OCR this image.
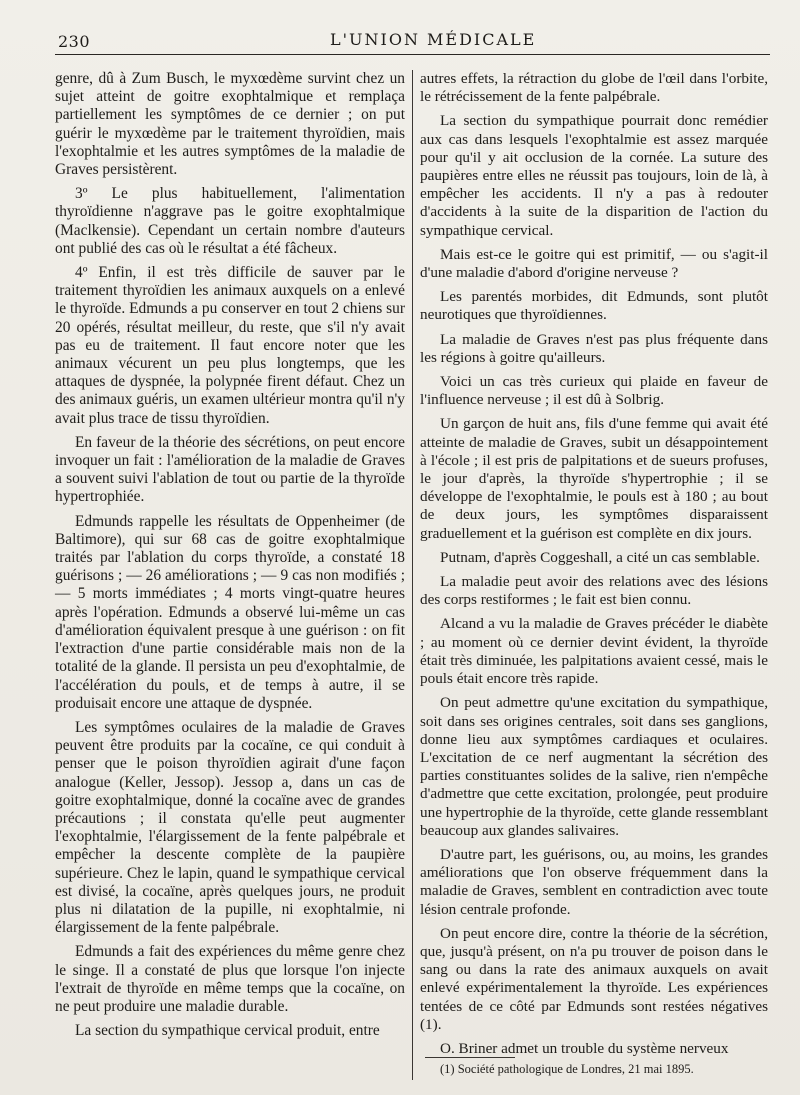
230	L'UNION MÉDICALE

genre, dû à Zum Busch, le myxœdème survint chez un sujet atteint de goitre exophtalmique et remplaça partiellement les symptômes de ce dernier ; on put guérir le myxœdème par le traitement thyroïdien, mais l'exophtalmie et les autres symptômes de la maladie de Graves persistèrent.

3º Le plus habituellement, l'alimentation thyroïdienne n'aggrave pas le goitre exophtalmique (Maclkensie). Cependant un certain nombre d'auteurs ont publié des cas où le résultat a été fâcheux.

4º Enfin, il est très difficile de sauver par le traitement thyroïdien les animaux auxquels on a enlevé le thyroïde. Edmunds a pu conserver en tout 2 chiens sur 20 opérés, résultat meilleur, du reste, que s'il n'y avait pas eu de traitement. Il faut encore noter que les animaux vécurent un peu plus longtemps, que les attaques de dyspnée, la polypnée firent défaut. Chez un des animaux guéris, un examen ultérieur montra qu'il n'y avait plus trace de tissu thyroïdien.

En faveur de la théorie des sécrétions, on peut encore invoquer un fait : l'amélioration de la maladie de Graves a souvent suivi l'ablation de tout ou partie de la thyroïde hypertrophiée.

Edmunds rappelle les résultats de Oppenheimer (de Baltimore), qui sur 68 cas de goitre exophtalmique traités par l'ablation du corps thyroïde, a constaté 18 guérisons ; — 26 améliorations ; — 9 cas non modifiés ; — 5 morts immédiates ; 4 morts vingt-quatre heures après l'opération. Edmunds a observé lui-même un cas d'amélioration équivalent presque à une guérison : on fit l'extraction d'une partie considérable mais non de la totalité de la glande. Il persista un peu d'exophtalmie, de l'accélération du pouls, et de temps à autre, il se produisait encore une attaque de dyspnée.

Les symptômes oculaires de la maladie de Graves peuvent être produits par la cocaïne, ce qui conduit à penser que le poison thyroïdien agirait d'une façon analogue (Keller, Jessop). Jessop a, dans un cas de goitre exophtalmique, donné la cocaïne avec de grandes précautions ; il constata qu'elle peut augmenter l'exophtalmie, l'élargissement de la fente palpébrale et empêcher la descente complète de la paupière supérieure. Chez le lapin, quand le sympathique cervical est divisé, la cocaïne, après quelques jours, ne produit plus ni dilatation de la pupille, ni exophtalmie, ni élargissement de la fente palpébrale.

Edmunds a fait des expériences du même genre chez le singe. Il a constaté de plus que lorsque l'on injecte l'extrait de thyroïde en même temps que la cocaïne, on ne peut produire une maladie durable.

La section du sympathique cervical produit, entre

autres effets, la rétraction du globe de l'œil dans l'orbite, le rétrécissement de la fente palpébrale.

La section du sympathique pourrait donc remédier aux cas dans lesquels l'exophtalmie est assez marquée pour qu'il y ait occlusion de la cornée. La suture des paupières entre elles ne réussit pas toujours, loin de là, à empêcher les accidents. Il n'y a pas à redouter d'accidents à la suite de la disparition de l'action du sympathique cervical.

Mais est-ce le goitre qui est primitif, — ou s'agit-il d'une maladie d'abord d'origine nerveuse ?

Les parentés morbides, dit Edmunds, sont plutôt neurotiques que thyroïdiennes.

La maladie de Graves n'est pas plus fréquente dans les régions à goitre qu'ailleurs.

Voici un cas très curieux qui plaide en faveur de l'influence nerveuse ; il est dû à Solbrig.

Un garçon de huit ans, fils d'une femme qui avait été atteinte de maladie de Graves, subit un désappointement à l'école ; il est pris de palpitations et de sueurs profuses, le jour d'après, la thyroïde s'hypertrophie ; il se développe de l'exophtalmie, le pouls est à 180 ; au bout de deux jours, les symptômes disparaissent graduellement et la guérison est complète en dix jours.

Putnam, d'après Coggeshall, a cité un cas semblable.

La maladie peut avoir des relations avec des lésions des corps restiformes ; le fait est bien connu.

Alcand a vu la maladie de Graves précéder le diabète ; au moment où ce dernier devint évident, la thyroïde était très diminuée, les palpitations avaient cessé, mais le pouls était encore très rapide.

On peut admettre qu'une excitation du sympathique, soit dans ses origines centrales, soit dans ses ganglions, donne lieu aux symptômes cardiaques et oculaires. L'excitation de ce nerf augmentant la sécrétion des parties constituantes solides de la salive, rien n'empêche d'admettre que cette excitation, prolongée, peut produire une hypertrophie de la thyroïde, cette glande ressemblant beaucoup aux glandes salivaires.

D'autre part, les guérisons, ou, au moins, les grandes améliorations que l'on observe fréquemment dans la maladie de Graves, semblent en contradiction avec toute lésion centrale profonde.

On peut encore dire, contre la théorie de la sécrétion, que, jusqu'à présent, on n'a pu trouver de poison dans le sang ou dans la rate des animaux auxquels on avait enlevé expérimentalement la thyroïde. Les expériences tentées de ce côté par Edmunds sont restées négatives (1).

O. Briner admet un trouble du système nerveux

(1) Société pathologique de Londres, 21 mai 1895.
